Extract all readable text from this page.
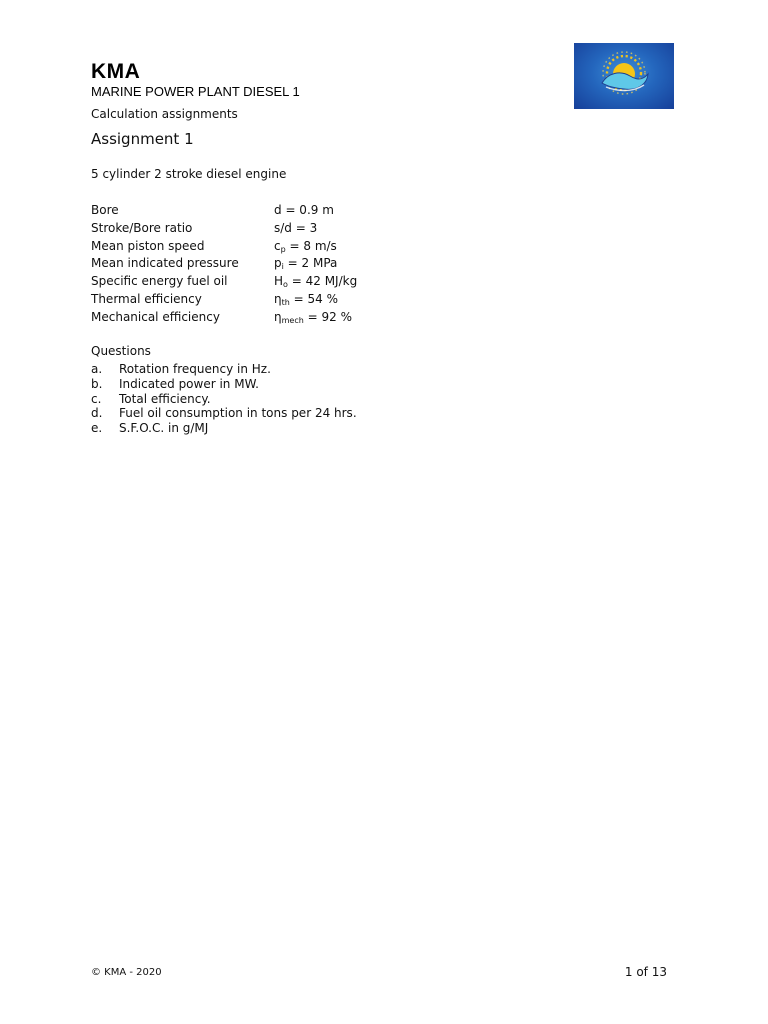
KMA
MARINE POWER PLANT DIESEL 1
Calculation assignments
Assignment 1
5 cylinder 2 stroke diesel engine
Bore	d = 0.9 m
Stroke/Bore ratio	s/d = 3
Mean piston speed	$c_p = 8$ m/s
Mean indicated pressure	$p_i = 2$ MPa
Specific energy fuel oil	$H_o = 42$ MJ/kg
Thermal efficiency	$\eta_{th} = 54$ %
Mechanical efficiency	$\eta_{mech} = 92$ %
Questions
a. Rotation frequency in Hz.
b. Indicated power in MW.
c. Total efficiency.
d. Fuel oil consumption in tons per 24 hrs.
e. S.F.O.C. in g/MJ
© KMA - 2020	1 of 13
